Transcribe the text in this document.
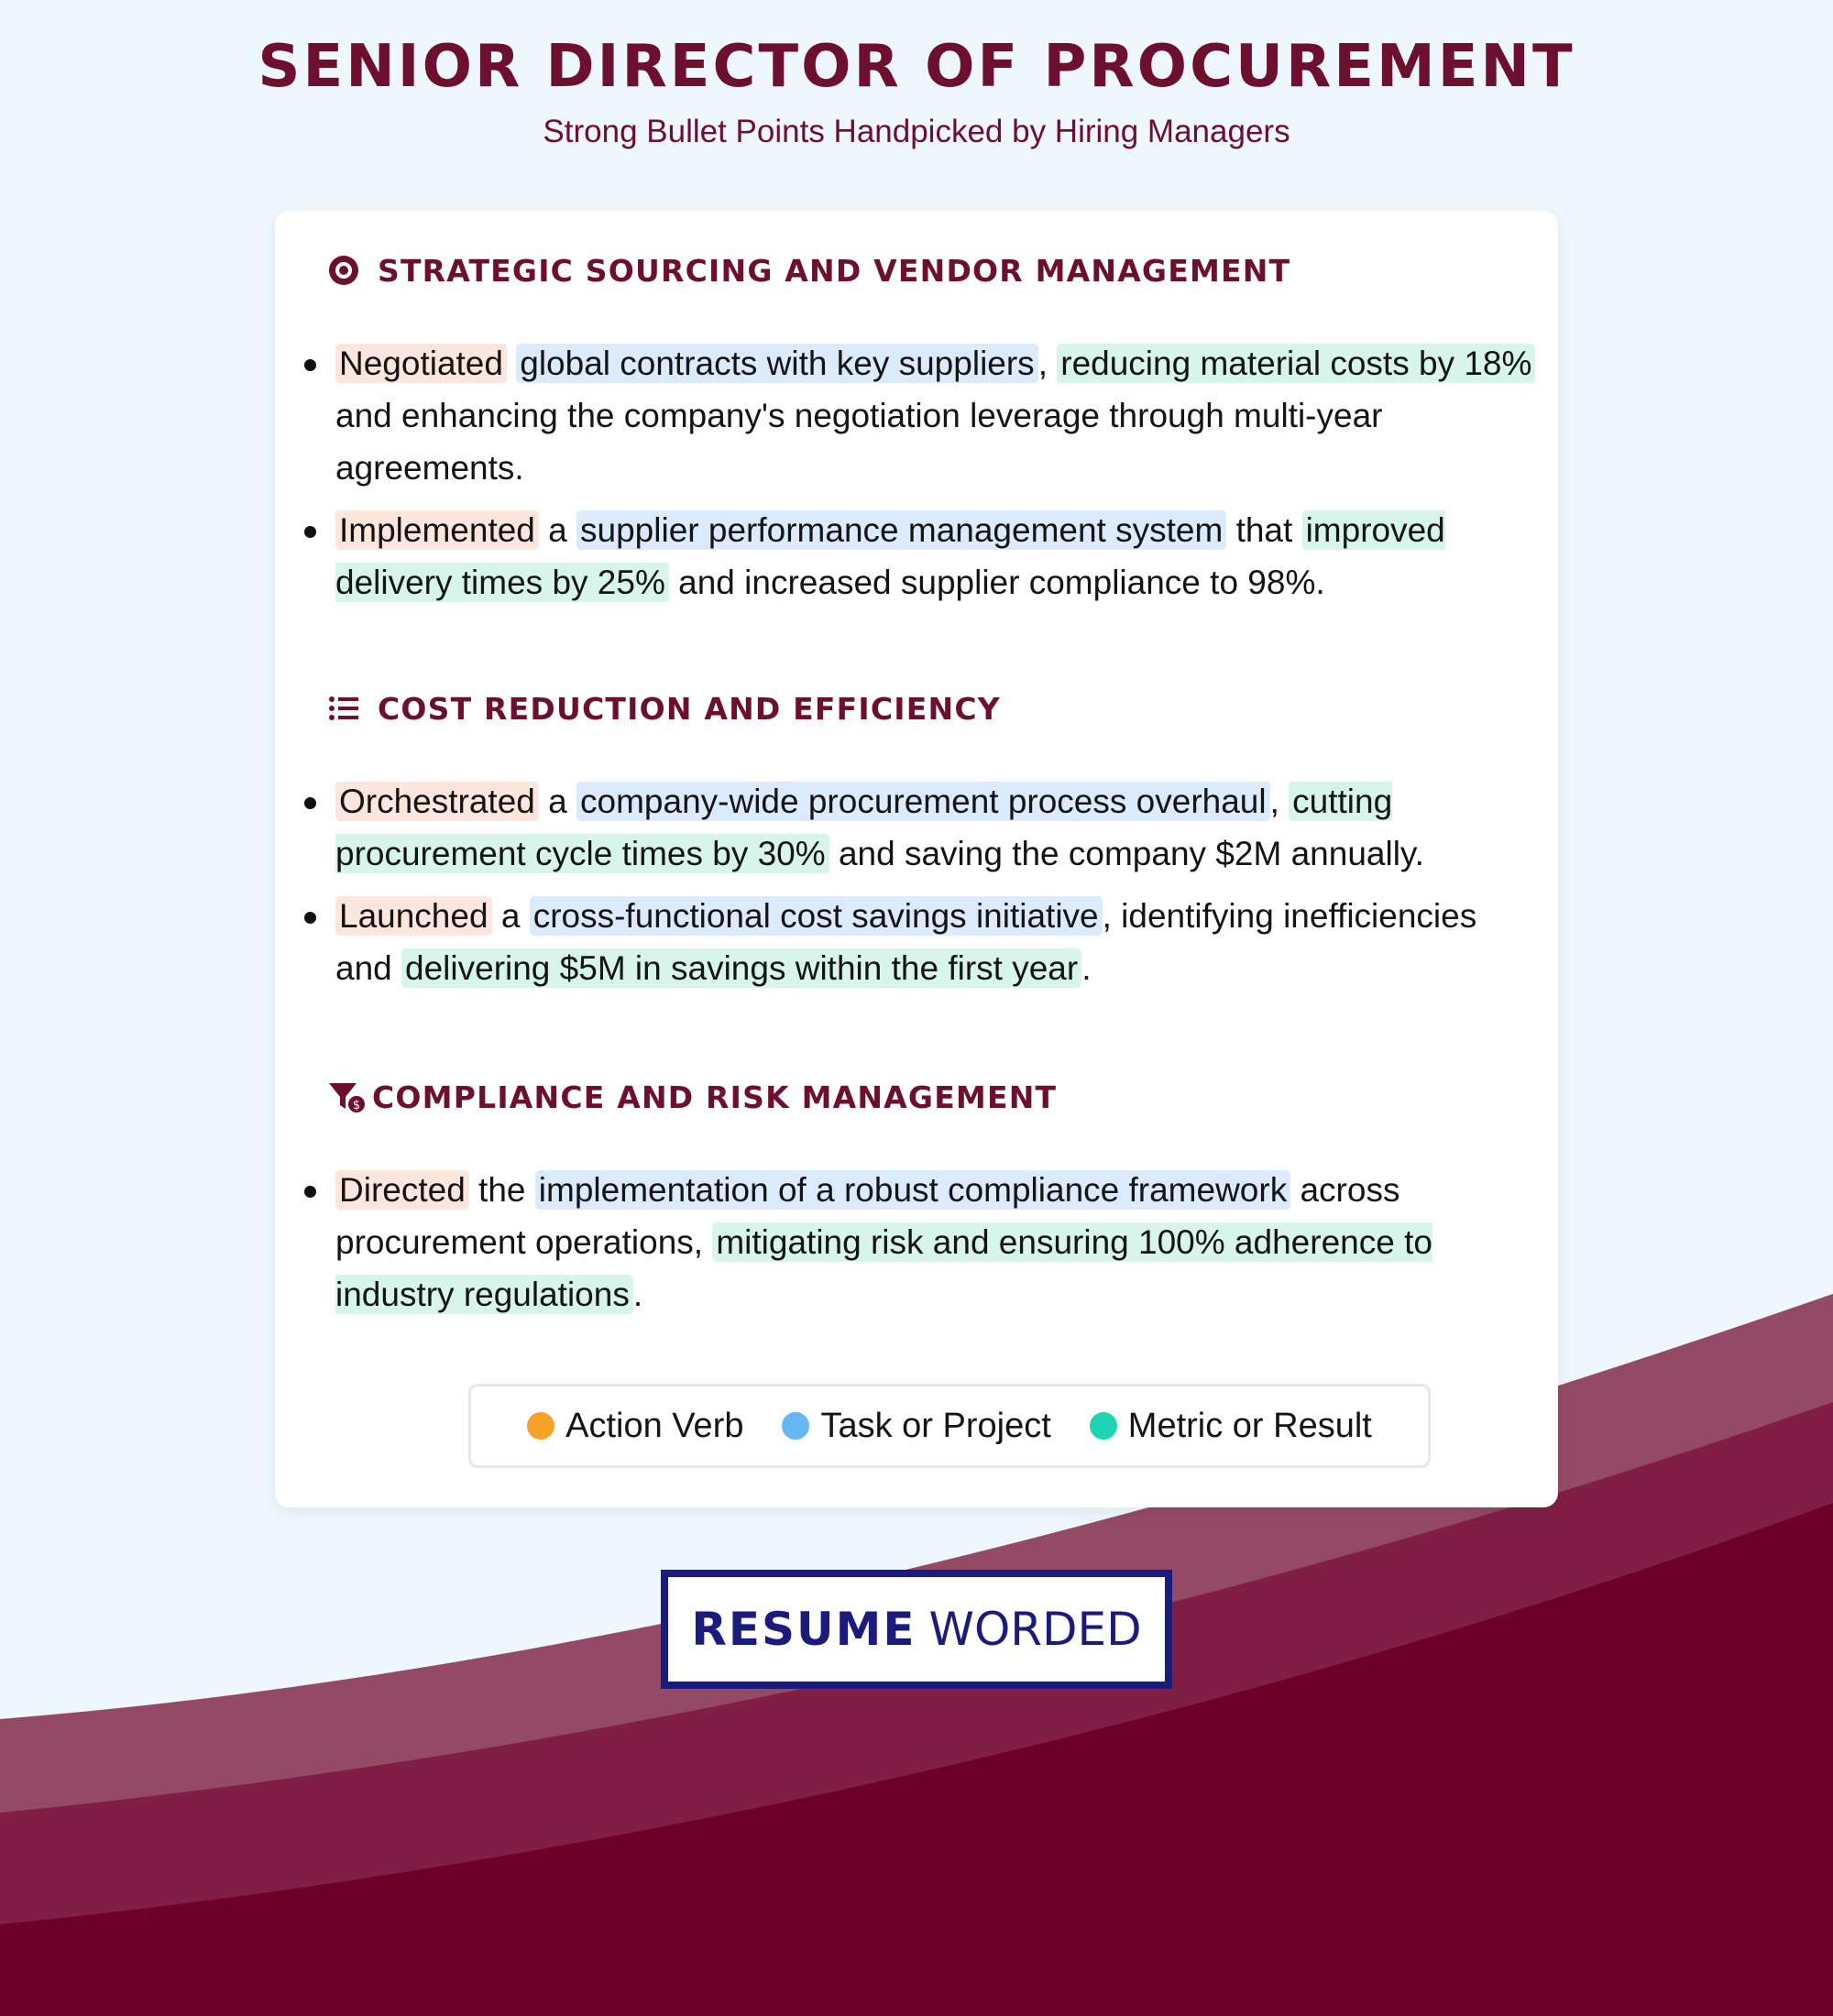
SENIOR DIRECTOR OF PROCUREMENT
Strong Bullet Points Handpicked by Hiring Managers
STRATEGIC SOURCING AND VENDOR MANAGEMENT
Negotiated global contracts with key suppliers , reducing material costs by 18% and enhancing the company's negotiation leverage through multi-year agreements.
Implemented a supplier performance management system that improved delivery times by 25% and increased supplier compliance to 98%.
COST REDUCTION AND EFFICIENCY
Orchestrated a company-wide procurement process overhaul , cutting procurement cycle times by 30% and saving the company $2M annually.
Launched a cross-functional cost savings initiative , identifying inefficiencies and delivering $5M in savings within the first year .
$ COMPLIANCE AND RISK MANAGEMENT
Directed the implementation of a robust compliance framework across procurement operations, mitigating risk and ensuring 100% adherence to industry regulations .
Action Verb Task or Project Metric or Result
RESUME WORDED
